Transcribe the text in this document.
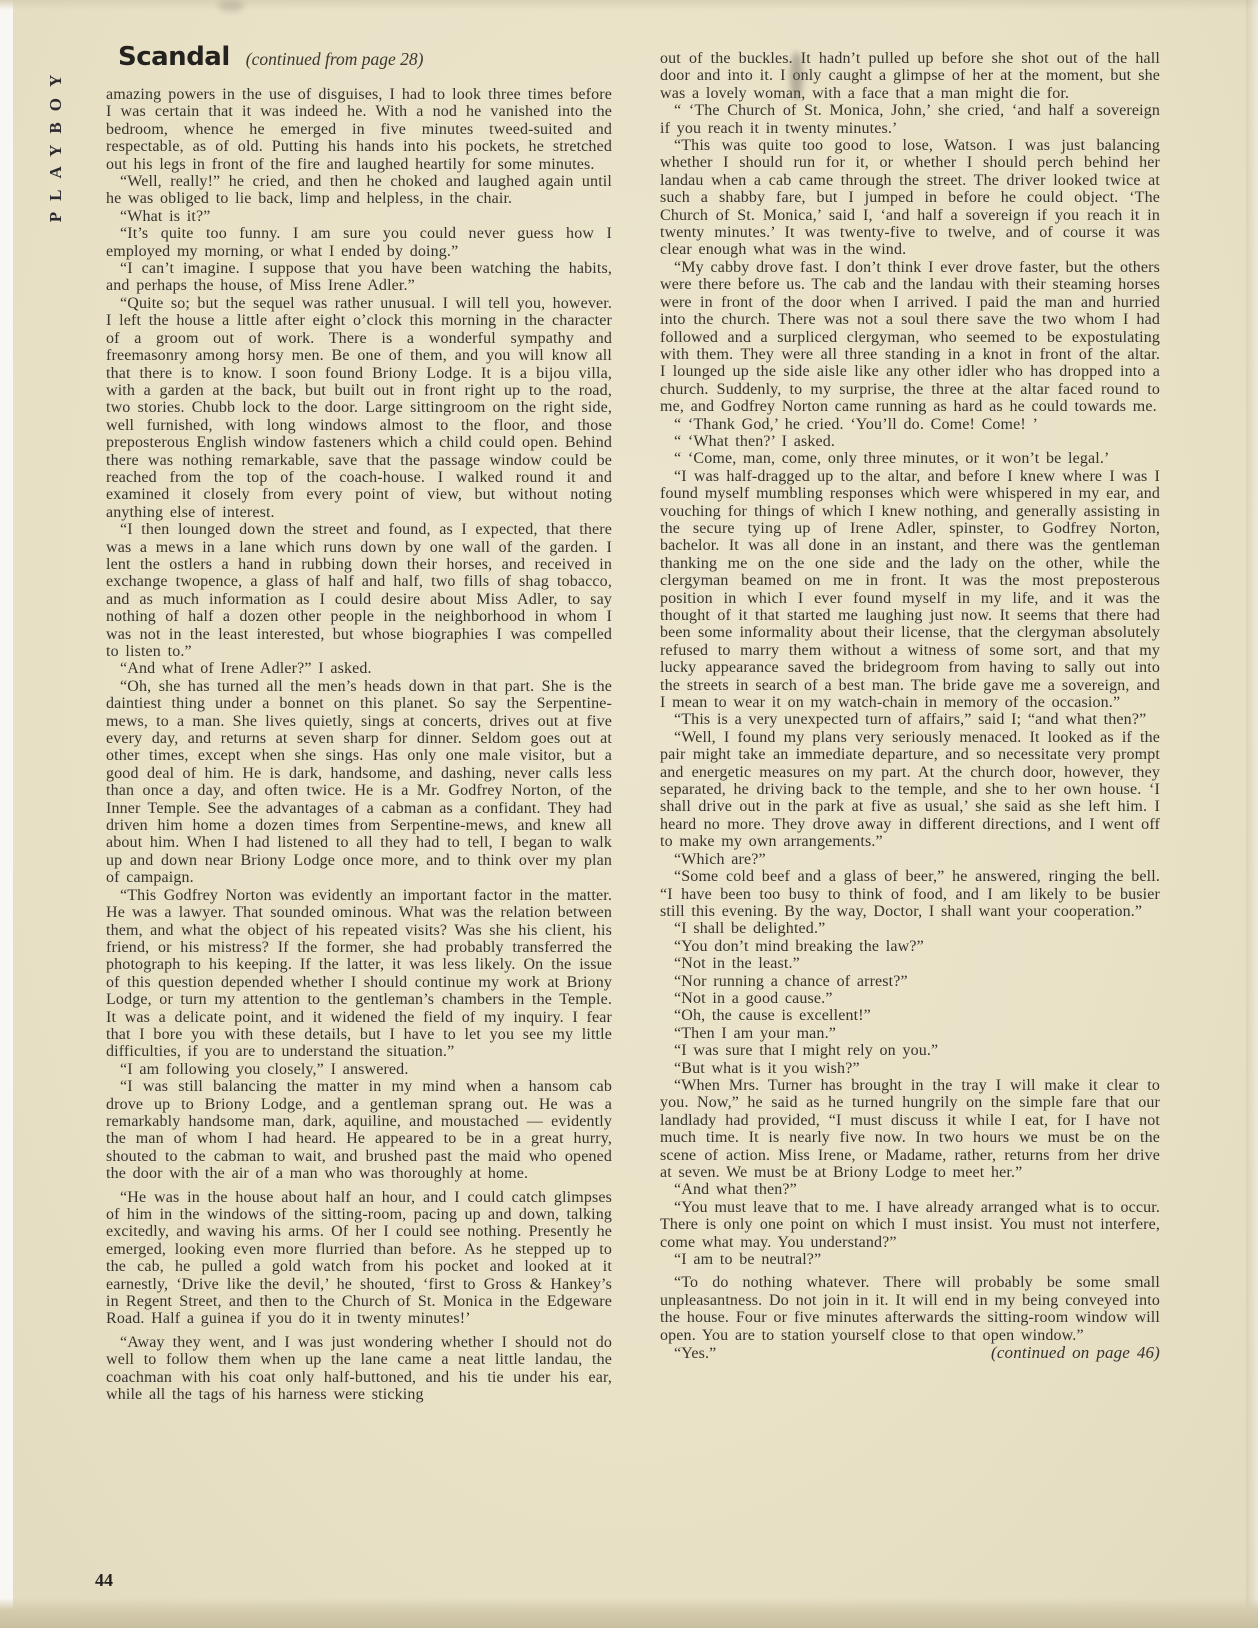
PLAYBOY
Scandal (continued from page 28)

amazing powers in the use of disguises, I had to look three times before I was certain that it was indeed he. With a nod he vanished into the bedroom, whence he emerged in five minutes tweed-suited and respectable, as of old. Putting his hands into his pockets, he stretched out his legs in front of the fire and laughed heartily for some minutes.

“Well, really!” he cried, and then he choked and laughed again until he was obliged to lie back, limp and helpless, in the chair.

“What is it?”

“It’s quite too funny. I am sure you could never guess how I employed my morning, or what I ended by doing.”

“I can’t imagine. I suppose that you have been watching the habits, and perhaps the house, of Miss Irene Adler.”

“Quite so; but the sequel was rather unusual. I will tell you, however. I left the house a little after eight o’clock this morning in the character of a groom out of work. There is a wonderful sympathy and freemasonry among horsy men. Be one of them, and you will know all that there is to know. I soon found Briony Lodge. It is a bijou villa, with a garden at the back, but built out in front right up to the road, two stories. Chubb lock to the door. Large sittingroom on the right side, well furnished, with long windows almost to the floor, and those preposterous English window fasteners which a child could open. Behind there was nothing remarkable, save that the passage window could be reached from the top of the coach-house. I walked round it and examined it closely from every point of view, but without noting anything else of interest.

“I then lounged down the street and found, as I expected, that there was a mews in a lane which runs down by one wall of the garden. I lent the ostlers a hand in rubbing down their horses, and received in exchange twopence, a glass of half and half, two fills of shag tobacco, and as much information as I could desire about Miss Adler, to say nothing of half a dozen other people in the neighborhood in whom I was not in the least interested, but whose biographies I was compelled to listen to.”

“And what of Irene Adler?” I asked.

“Oh, she has turned all the men’s heads down in that part. She is the daintiest thing under a bonnet on this planet. So say the Serpentine-mews, to a man. She lives quietly, sings at concerts, drives out at five every day, and returns at seven sharp for dinner. Seldom goes out at other times, except when she sings. Has only one male visitor, but a good deal of him. He is dark, handsome, and dashing, never calls less than once a day, and often twice. He is a Mr. Godfrey Norton, of the Inner Temple. See the advantages of a cabman as a confidant. They had driven him home a dozen times from Serpentine-mews, and knew all about him. When I had listened to all they had to tell, I began to walk up and down near Briony Lodge once more, and to think over my plan of campaign.

“This Godfrey Norton was evidently an important factor in the matter. He was a lawyer. That sounded ominous. What was the relation between them, and what the object of his repeated visits? Was she his client, his friend, or his mistress? If the former, she had probably transferred the photograph to his keeping. If the latter, it was less likely. On the issue of this question depended whether I should continue my work at Briony Lodge, or turn my attention to the gentleman’s chambers in the Temple. It was a delicate point, and it widened the field of my inquiry. I fear that I bore you with these details, but I have to let you see my little difficulties, if you are to understand the situation.”

“I am following you closely,” I answered.

“I was still balancing the matter in my mind when a hansom cab drove up to Briony Lodge, and a gentleman sprang out. He was a remarkably handsome man, dark, aquiline, and moustached — evidently the man of whom I had heard. He appeared to be in a great hurry, shouted to the cabman to wait, and brushed past the maid who opened the door with the air of a man who was thoroughly at home.

“He was in the house about half an hour, and I could catch glimpses of him in the windows of the sitting-room, pacing up and down, talking excitedly, and waving his arms. Of her I could see nothing. Presently he emerged, looking even more flurried than before. As he stepped up to the cab, he pulled a gold watch from his pocket and looked at it earnestly, ‘Drive like the devil,’ he shouted, ‘first to Gross & Hankey’s in Regent Street, and then to the Church of St. Monica in the Edgeware Road. Half a guinea if you do it in twenty minutes!’

“Away they went, and I was just wondering whether I should not do well to follow them when up the lane came a neat little landau, the coachman with his coat only half-buttoned, and his tie under his ear, while all the tags of his harness were sticking

out of the buckles. It hadn’t pulled up before she shot out of the hall door and into it. I only caught a glimpse of her at the moment, but she was a lovely woman, with a face that a man might die for.

“ ‘The Church of St. Monica, John,’ she cried, ‘and half a sovereign if you reach it in twenty minutes.’

“This was quite too good to lose, Watson. I was just balancing whether I should run for it, or whether I should perch behind her landau when a cab came through the street. The driver looked twice at such a shabby fare, but I jumped in before he could object. ‘The Church of St. Monica,’ said I, ‘and half a sovereign if you reach it in twenty minutes.’ It was twenty-five to twelve, and of course it was clear enough what was in the wind.

“My cabby drove fast. I don’t think I ever drove faster, but the others were there before us. The cab and the landau with their steaming horses were in front of the door when I arrived. I paid the man and hurried into the church. There was not a soul there save the two whom I had followed and a surpliced clergyman, who seemed to be expostulating with them. They were all three standing in a knot in front of the altar. I lounged up the side aisle like any other idler who has dropped into a church. Suddenly, to my surprise, the three at the altar faced round to me, and Godfrey Norton came running as hard as he could towards me.

“ ‘Thank God,’ he cried. ‘You’ll do. Come! Come! ’

“ ‘What then?’ I asked.

“ ‘Come, man, come, only three minutes, or it won’t be legal.’

“I was half-dragged up to the altar, and before I knew where I was I found myself mumbling responses which were whispered in my ear, and vouching for things of which I knew nothing, and generally assisting in the secure tying up of Irene Adler, spinster, to Godfrey Norton, bachelor. It was all done in an instant, and there was the gentleman thanking me on the one side and the lady on the other, while the clergyman beamed on me in front. It was the most preposterous position in which I ever found myself in my life, and it was the thought of it that started me laughing just now. It seems that there had been some informality about their license, that the clergyman absolutely refused to marry them without a witness of some sort, and that my lucky appearance saved the bridegroom from having to sally out into the streets in search of a best man. The bride gave me a sovereign, and I mean to wear it on my watch-chain in memory of the occasion.”

“This is a very unexpected turn of affairs,” said I; “and what then?”

“Well, I found my plans very seriously menaced. It looked as if the pair might take an immediate departure, and so necessitate very prompt and energetic measures on my part. At the church door, however, they separated, he driving back to the temple, and she to her own house. ‘I shall drive out in the park at five as usual,’ she said as she left him. I heard no more. They drove away in different directions, and I went off to make my own arrangements.”

“Which are?”

“Some cold beef and a glass of beer,” he answered, ringing the bell. “I have been too busy to think of food, and I am likely to be busier still this evening. By the way, Doctor, I shall want your cooperation.”

“I shall be delighted.”

“You don’t mind breaking the law?”

“Not in the least.”

“Nor running a chance of arrest?”

“Not in a good cause.”

“Oh, the cause is excellent!”

“Then I am your man.”

“I was sure that I might rely on you.”

“But what is it you wish?”

“When Mrs. Turner has brought in the tray I will make it clear to you. Now,” he said as he turned hungrily on the simple fare that our landlady had provided, “I must discuss it while I eat, for I have not much time. It is nearly five now. In two hours we must be on the scene of action. Miss Irene, or Madame, rather, returns from her drive at seven. We must be at Briony Lodge to meet her.”

“And what then?”

“You must leave that to me. I have already arranged what is to occur. There is only one point on which I must insist. You must not interfere, come what may. You understand?”

“I am to be neutral?”

“To do nothing whatever. There will probably be some small unpleasantness. Do not join in it. It will end in my being conveyed into the house. Four or five minutes afterwards the sitting-room window will open. You are to station yourself close to that open window.”

“Yes.”	(continued on page 46)

44
